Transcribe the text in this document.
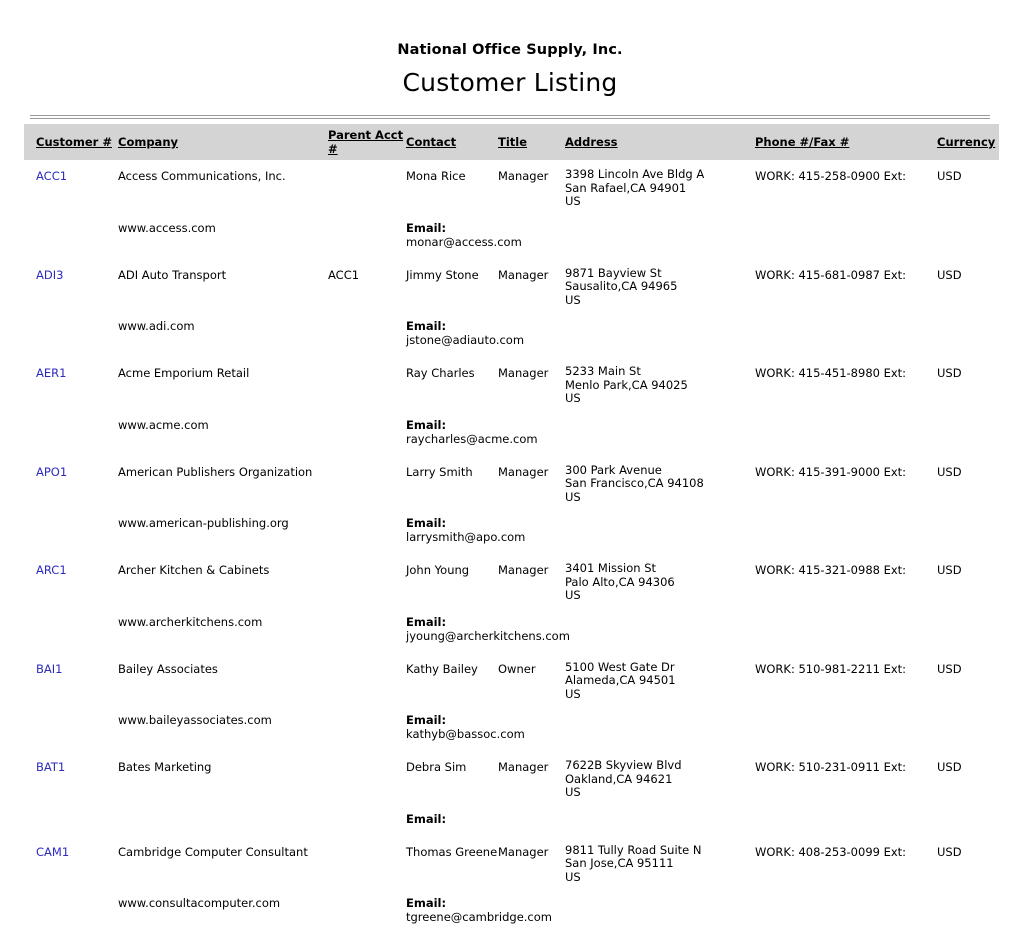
National Office Supply, Inc.
Customer Listing
Customer #	Company	Parent Acct #	Contact	Title	Address	Phone #/Fax #	Currency
ACC1	Access Communications, Inc.		Mona Rice	Manager	3398 Lincoln Ave Bldg A
San Rafael,CA 94901
US	WORK: 415-258-0900 Ext:	USD
	www.access.com		Email: monar@access.com				
ADI3	ADI Auto Transport	ACC1	Jimmy Stone	Manager	9871 Bayview St
Sausalito,CA 94965
US	WORK: 415-681-0987 Ext:	USD
	www.adi.com		Email: jstone@adiauto.com				
AER1	Acme Emporium Retail		Ray Charles	Manager	5233 Main St
Menlo Park,CA 94025
US	WORK: 415-451-8980 Ext:	USD
	www.acme.com		Email: raycharles@acme.com				
APO1	American Publishers Organization		Larry Smith	Manager	300 Park Avenue
San Francisco,CA 94108
US	WORK: 415-391-9000 Ext:	USD
	www.american-publishing.org		Email: larrysmith@apo.com				
ARC1	Archer Kitchen & Cabinets		John Young	Manager	3401 Mission St
Palo Alto,CA 94306
US	WORK: 415-321-0988 Ext:	USD
	www.archerkitchens.com		Email: jyoung@archerkitchens.com				
BAI1	Bailey Associates		Kathy Bailey	Owner	5100 West Gate Dr
Alameda,CA 94501
US	WORK: 510-981-2211 Ext:	USD
	www.baileyassociates.com		Email: kathyb@bassoc.com				
BAT1	Bates Marketing		Debra Sim	Manager	7622B Skyview Blvd
Oakland,CA 94621
US	WORK: 510-231-0911 Ext:	USD
			Email:				
CAM1	Cambridge Computer Consultant		Thomas Greene	Manager	9811 Tully Road Suite N
San Jose,CA 95111
US	WORK: 408-253-0099 Ext:	USD
	www.consultacomputer.com		Email: tgreene@cambridge.com				
